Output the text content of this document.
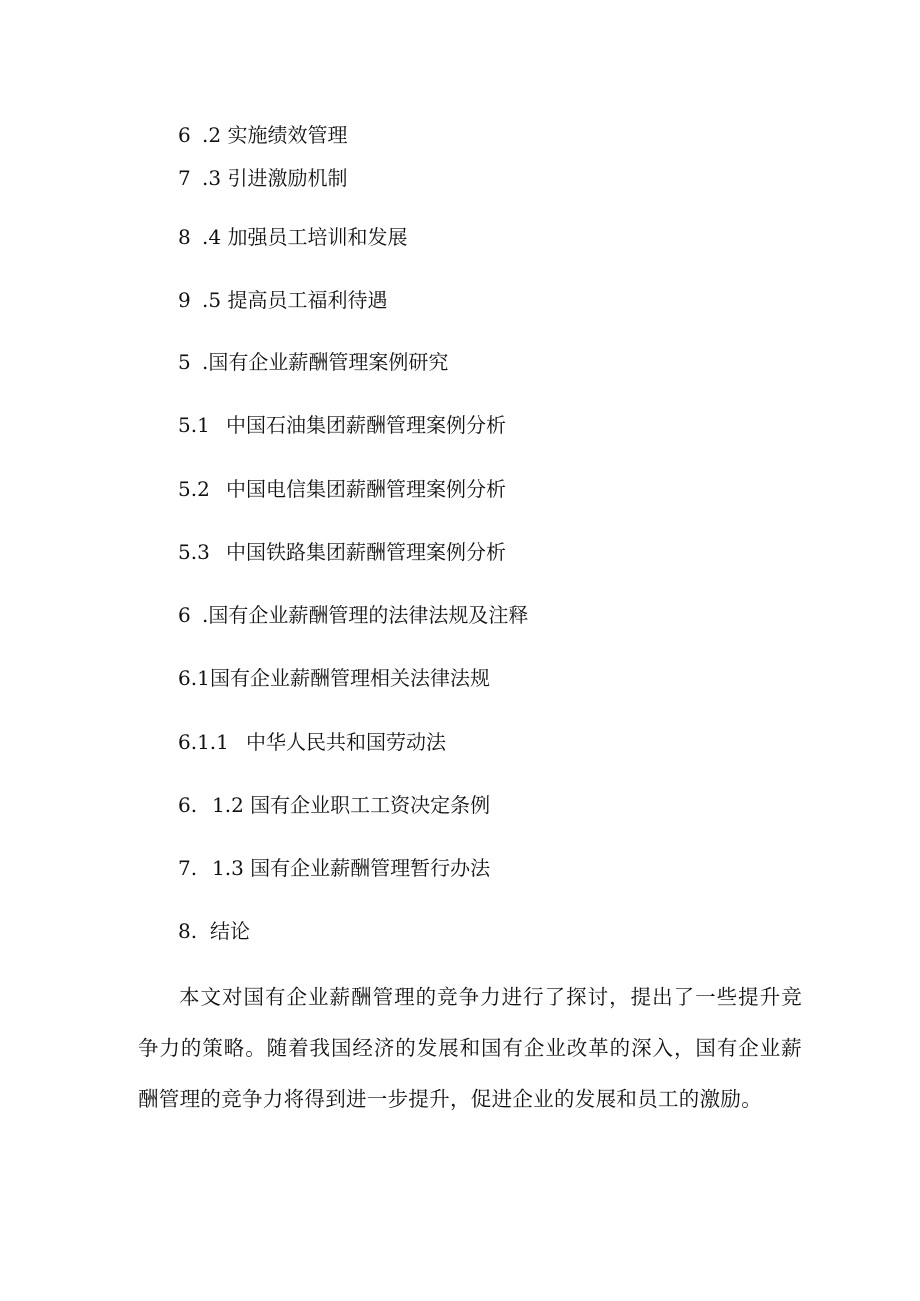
6 .2 实施绩效管理
7 .3 引进激励机制
8 .4 加强员工培训和发展
9 .5 提高员工福利待遇
5 .国有企业薪酬管理案例研究
5.1 中国石油集团薪酬管理案例分析
5.2 中国电信集团薪酬管理案例分析
5.3 中国铁路集团薪酬管理案例分析
6 .国有企业薪酬管理的法律法规及注释
6.1国有企业薪酬管理相关法律法规
6.1.1 中华人民共和国劳动法
6. 1.2 国有企业职工工资决定条例
7. 1.3 国有企业薪酬管理暂行办法
8. 结论

本文对国有企业薪酬管理的竞争力进行了探讨，提出了一些提升竞争力的策略。随着我国经济的发展和国有企业改革的深入，国有企业薪酬管理的竞争力将得到进一步提升，促进企业的发展和员工的激励。
